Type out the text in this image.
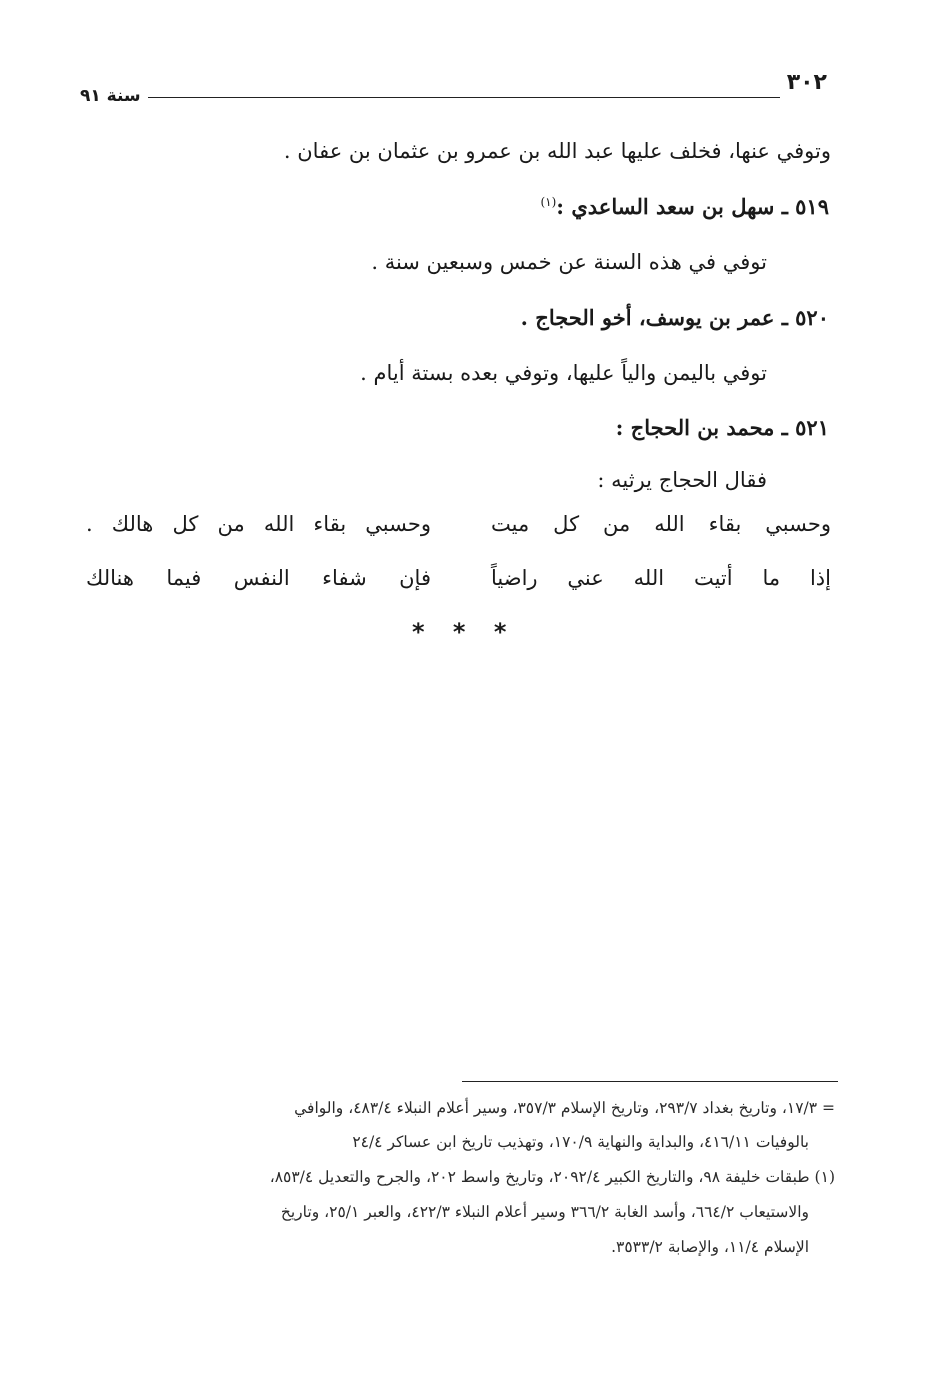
٣٠٢
سنة ٩١
وتوفي عنها، فخلف عليها عبد الله بن عمرو بن عثمان بن عفان .
٥١٩ ـ سهل بن سعد الساعدي :$^{(١)}$
توفي في هذه السنة عن خمس وسبعين سنة .
٥٢٠ ـ عمر بن يوسف، أخو الحجاج .
توفي باليمن والياً عليها، وتوفي بعده بستة أيام .
٥٢١ ـ محمد بن الحجاج :
فقال الحجاج يرثيه :
وحسبي بقاء الله من كل ميت
وحسبي بقاء الله من كل هالك .
إذا ما أتيت الله عني راضياً
فإن شفاء النفس فيما هنالك
* * *
= ١٧/٣، وتاريخ بغداد ٢٩٣/٧، وتاريخ الإسلام ٣٥٧/٣، وسير أعلام النبلاء ٤٨٣/٤، والوافي
بالوفيات ٤١٦/١١، والبداية والنهاية ١٧٠/٩، وتهذيب تاريخ ابن عساكر ٢٤/٤
(١) طبقات خليفة ٩٨، والتاريخ الكبير ٢٠٩٢/٤، وتاريخ واسط ٢٠٢، والجرح والتعديل ٨٥٣/٤،
والاستيعاب ٦٦٤/٢، وأسد الغابة ٣٦٦/٢ وسير أعلام النبلاء ٤٢٢/٣، والعبر ٢٥/١، وتاريخ
الإسلام ١١/٤، والإصابة ٣٥٣٣/٢.
